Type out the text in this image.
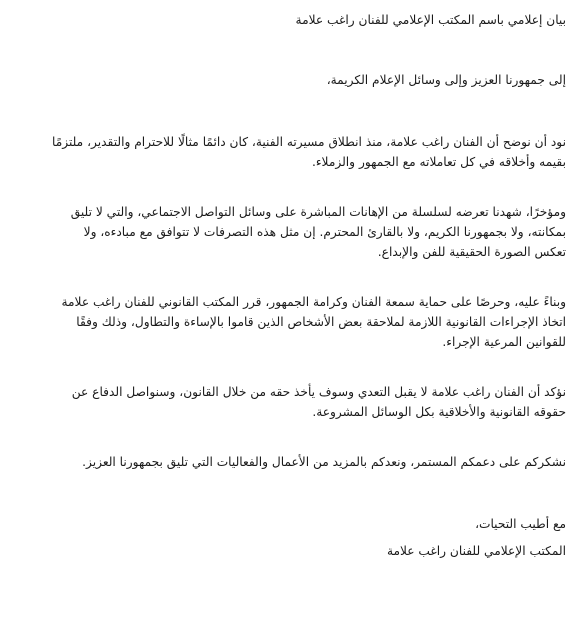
بيان إعلامي باسم المكتب الإعلامي للفنان راغب علامة
إلى جمهورنا العزيز وإلى وسائل الإعلام الكريمة،
نود أن نوضح أن الفنان راغب علامة، منذ انطلاق مسيرته الفنية، كان دائمًا مثالًا للاحترام والتقدير، ملتزمًا
بقيمه وأخلاقه في كل تعاملاته مع الجمهور والزملاء.
ومؤخرًا، شهدنا تعرضه لسلسلة من الإهانات المباشرة على وسائل التواصل الاجتماعي، والتي لا تليق
بمكانته، ولا بجمهورنا الكريم، ولا بالقارئ المحترم. إن مثل هذه التصرفات لا تتوافق مع مبادءه، ولا
تعكس الصورة الحقيقية للفن والإبداع.
وبناءً عليه، وحرصًا على حماية سمعة الفنان وكرامة الجمهور، قرر المكتب القانوني للفنان راغب علامة
اتخاذ الإجراءات القانونية اللازمة لملاحقة بعض الأشخاص الذين قاموا بالإساءة والتطاول، وذلك وفقًا
للقوانين المرعية الإجراء.
نؤكد أن الفنان راغب علامة لا يقبل التعدي وسوف يأخذ حقه من خلال القانون، وسنواصل الدفاع عن
حقوقه القانونية والأخلاقية بكل الوسائل المشروعة.
نشكركم على دعمكم المستمر، ونعدكم بالمزيد من الأعمال والفعاليات التي تليق بجمهورنا العزيز.
مع أطيب التحيات،
المكتب الإعلامي للفنان راغب علامة
